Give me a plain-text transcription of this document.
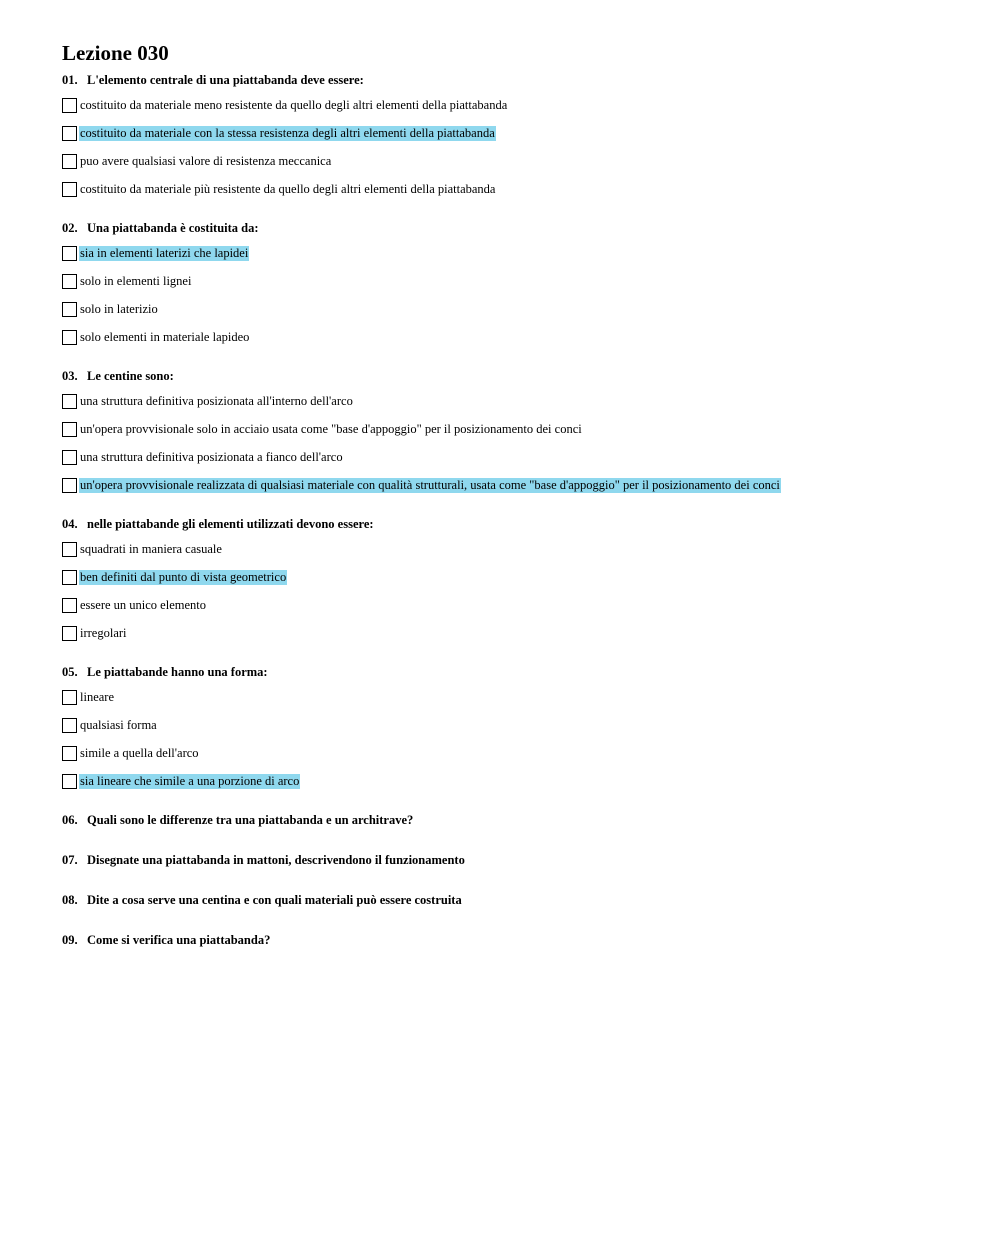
Lezione 030
01. L'elemento centrale di una piattabanda deve essere:
costituito da materiale meno resistente da quello degli altri elementi della piattabanda
costituito da materiale con la stessa resistenza degli altri elementi della piattabanda
puo avere qualsiasi valore di resistenza meccanica
costituito da materiale più resistente da quello degli altri elementi della piattabanda
02. Una piattabanda è costituita da:
sia in elementi laterizi che lapidei
solo in elementi lignei
solo in laterizio
solo elementi in materiale lapideo
03. Le centine sono:
una struttura definitiva posizionata all'interno dell'arco
un'opera provvisionale solo in acciaio usata come "base d'appoggio" per il posizionamento dei conci
una struttura definitiva posizionata a fianco dell'arco
un'opera provvisionale realizzata di qualsiasi materiale con qualità strutturali, usata come "base d'appoggio" per il posizionamento dei conci
04. nelle piattabande gli elementi utilizzati devono essere:
squadrati in maniera casuale
ben definiti dal punto di vista geometrico
essere un unico elemento
irregolari
05. Le piattabande hanno una forma:
lineare
qualsiasi forma
simile a quella dell'arco
sia lineare che simile a una porzione di arco
06. Quali sono le differenze tra una piattabanda e un architrave?
07. Disegnate una piattabanda in mattoni, descrivendono il funzionamento
08. Dite a cosa serve una centina e con quali materiali può essere costruita
09. Come si verifica una piattabanda?
